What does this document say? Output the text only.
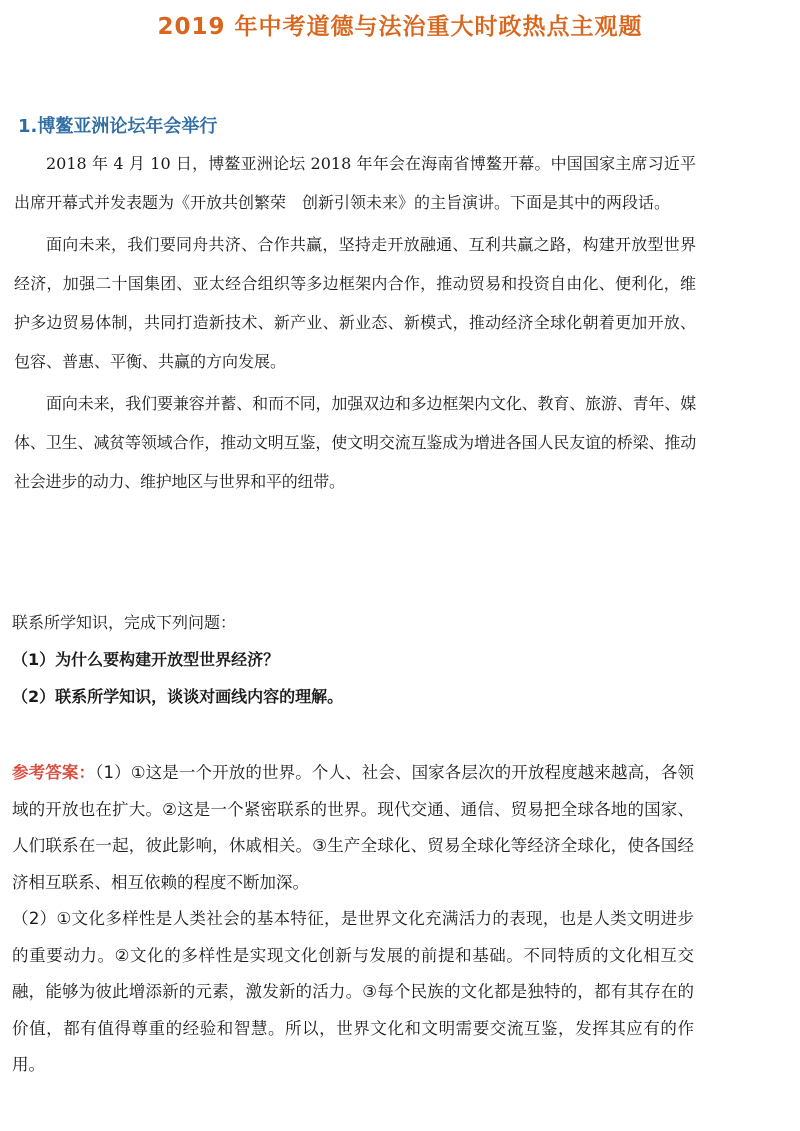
2019 年中考道德与法治重大时政热点主观题
1.博鳌亚洲论坛年会举行

2018 年 4 月 10 日，博鳌亚洲论坛 2018 年年会在海南省博鳌开幕。中国国家主席习近平出席开幕式并发表题为《开放共创繁荣　创新引领未来》的主旨演讲。下面是其中的两段话。

面向未来，我们要同舟共济、合作共赢，坚持走开放融通、互利共赢之路，构建开放型世界经济，加强二十国集团、亚太经合组织等多边框架内合作，推动贸易和投资自由化、便利化，维护多边贸易体制，共同打造新技术、新产业、新业态、新模式，推动经济全球化朝着更加开放、包容、普惠、平衡、共赢的方向发展。

面向未来，我们要兼容并蓄、和而不同，加强双边和多边框架内文化、教育、旅游、青年、媒体、卫生、减贫等领域合作，推动文明互鉴，使文明交流互鉴成为增进各国人民友谊的桥梁、推动社会进步的动力、维护地区与世界和平的纽带。

联系所学知识，完成下列问题：
（1）为什么要构建开放型世界经济？
（2）联系所学知识，谈谈对画线内容的理解。

参考答案：（1）①这是一个开放的世界。个人、社会、国家各层次的开放程度越来越高，各领域的开放也在扩大。②这是一个紧密联系的世界。现代交通、通信、贸易把全球各地的国家、人们联系在一起，彼此影响，休戚相关。③生产全球化、贸易全球化等经济全球化，使各国经济相互联系、相互依赖的程度不断加深。

（2）①文化多样性是人类社会的基本特征，是世界文化充满活力的表现，也是人类文明进步的重要动力。②文化的多样性是实现文化创新与发展的前提和基础。不同特质的文化相互交融，能够为彼此增添新的元素，激发新的活力。③每个民族的文化都是独特的，都有其存在的价值，都有值得尊重的经验和智慧。所以，世界文化和文明需要交流互鉴，发挥其应有的作用。
